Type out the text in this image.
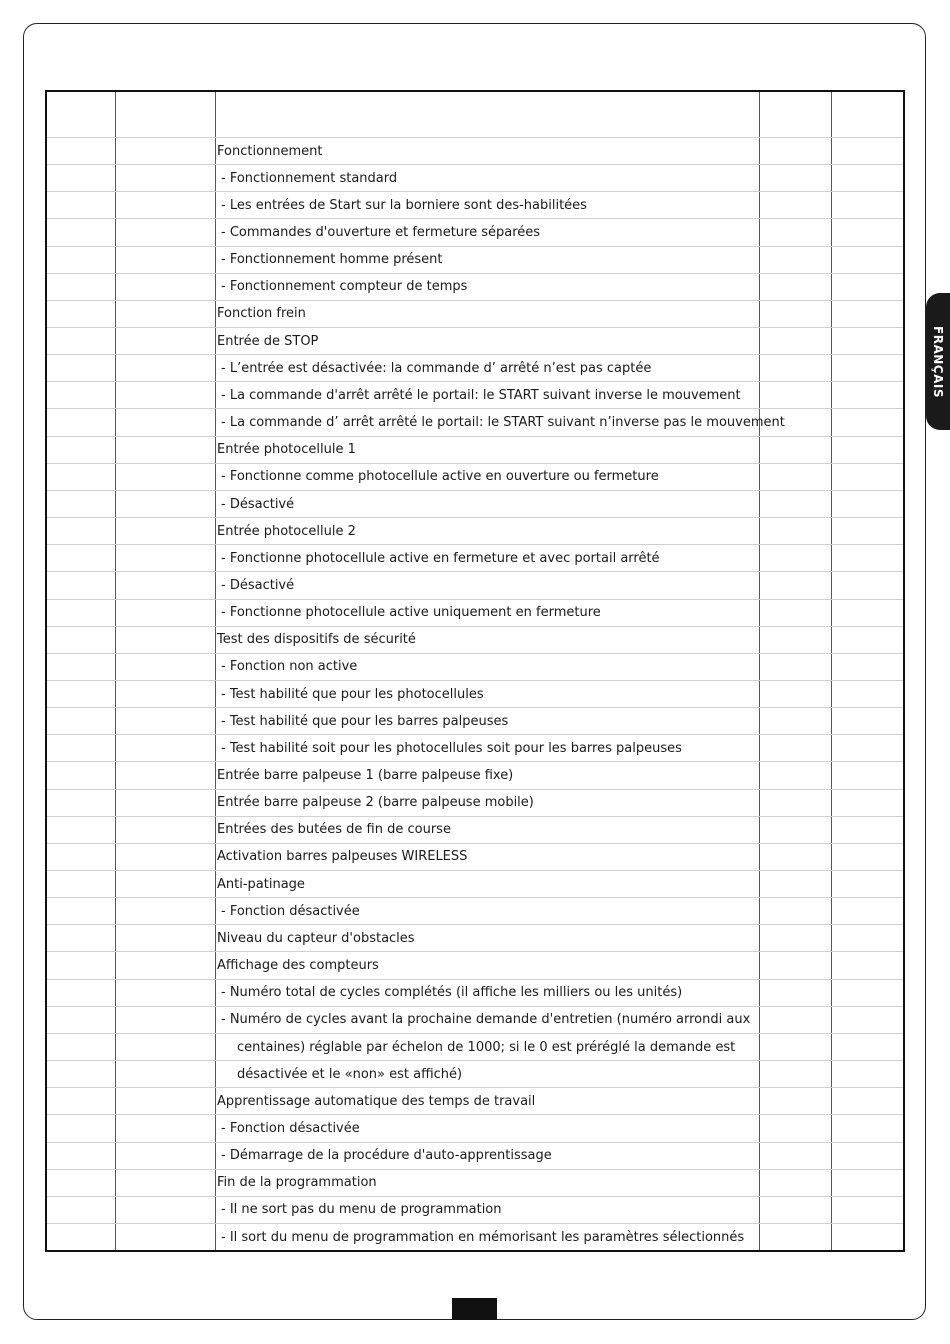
FRANÇAIS
Fonctionnement
- Fonctionnement standard
- Les entrées de Start sur la borniere sont des-habilitées
- Commandes d'ouverture et fermeture séparées
- Fonctionnement homme présent
- Fonctionnement compteur de temps
Fonction frein
Entrée de STOP
- L’entrée est désactivée: la commande d’ arrêté n’est pas captée
- La commande d'arrêt arrêté le portail: le START suivant inverse le mouvement
- La commande d’ arrêt arrêté le portail: le START suivant n’inverse pas le mouvement
Entrée photocellule 1
- Fonctionne comme photocellule active en ouverture ou fermeture
- Désactivé
Entrée photocellule 2
- Fonctionne photocellule active en fermeture et avec portail arrêté
- Désactivé
- Fonctionne photocellule active uniquement en fermeture
Test des dispositifs de sécurité
- Fonction non active
- Test habilité que pour les photocellules
- Test habilité que pour les barres palpeuses
- Test habilité soit pour les photocellules soit pour les barres palpeuses
Entrée barre palpeuse 1 (barre palpeuse fixe)
Entrée barre palpeuse 2 (barre palpeuse mobile)
Entrées des butées de fin de course
Activation barres palpeuses WIRELESS
Anti-patinage
- Fonction désactivée
Niveau du capteur d'obstacles
Affichage des compteurs
- Numéro total de cycles complétés (il affiche les milliers ou les unités)
- Numéro de cycles avant la prochaine demande d'entretien (numéro arrondi aux
centaines) réglable par échelon de 1000; si le 0 est préréglé la demande est
désactivée et le «non» est affiché)
Apprentissage automatique des temps de travail
- Fonction désactivée
- Démarrage de la procédure d'auto-apprentissage
Fin de la programmation
- Il ne sort pas du menu de programmation
- Il sort du menu de programmation en mémorisant les paramètres sélectionnés
